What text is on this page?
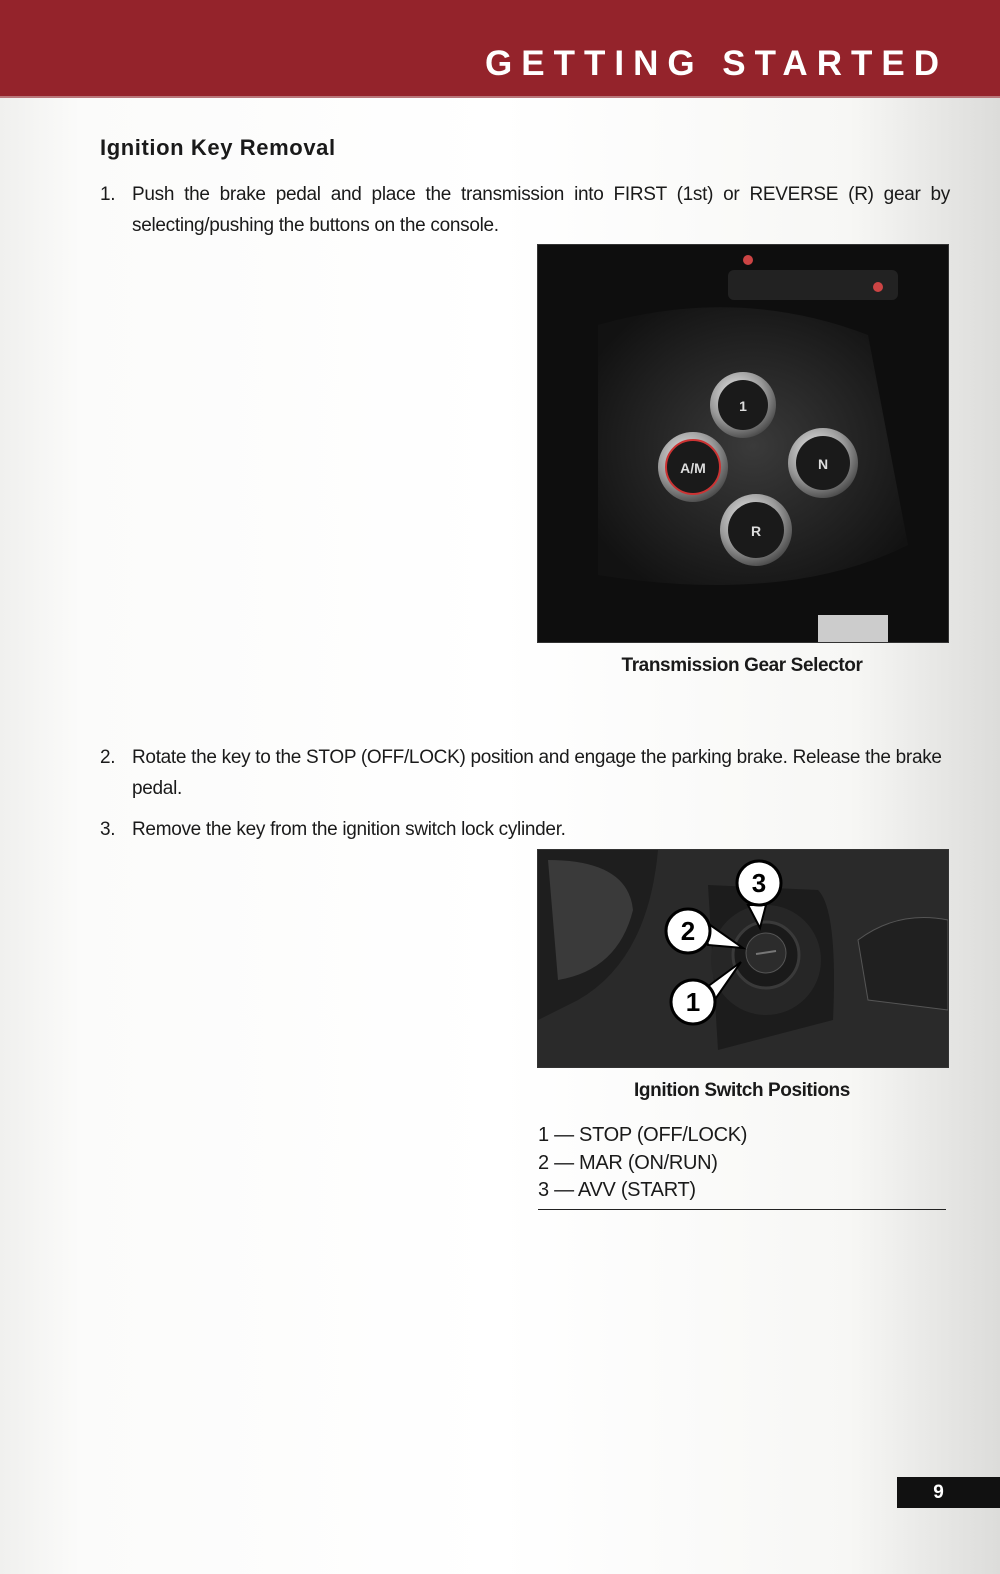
GETTING STARTED
Ignition Key Removal
1. Push the brake pedal and place the transmission into FIRST (1st) or REVERSE (R) gear by selecting/pushing the buttons on the console.
1
A/M	N
R
Transmission Gear Selector
2. Rotate the key to the STOP (OFF/LOCK) position and engage the parking brake. Release the brake pedal.
3. Remove the key from the ignition switch lock cylinder.
3
2
1
Ignition Switch Positions
1 — STOP (OFF/LOCK)
2 — MAR (ON/RUN)
3 — AVV (START)
9
